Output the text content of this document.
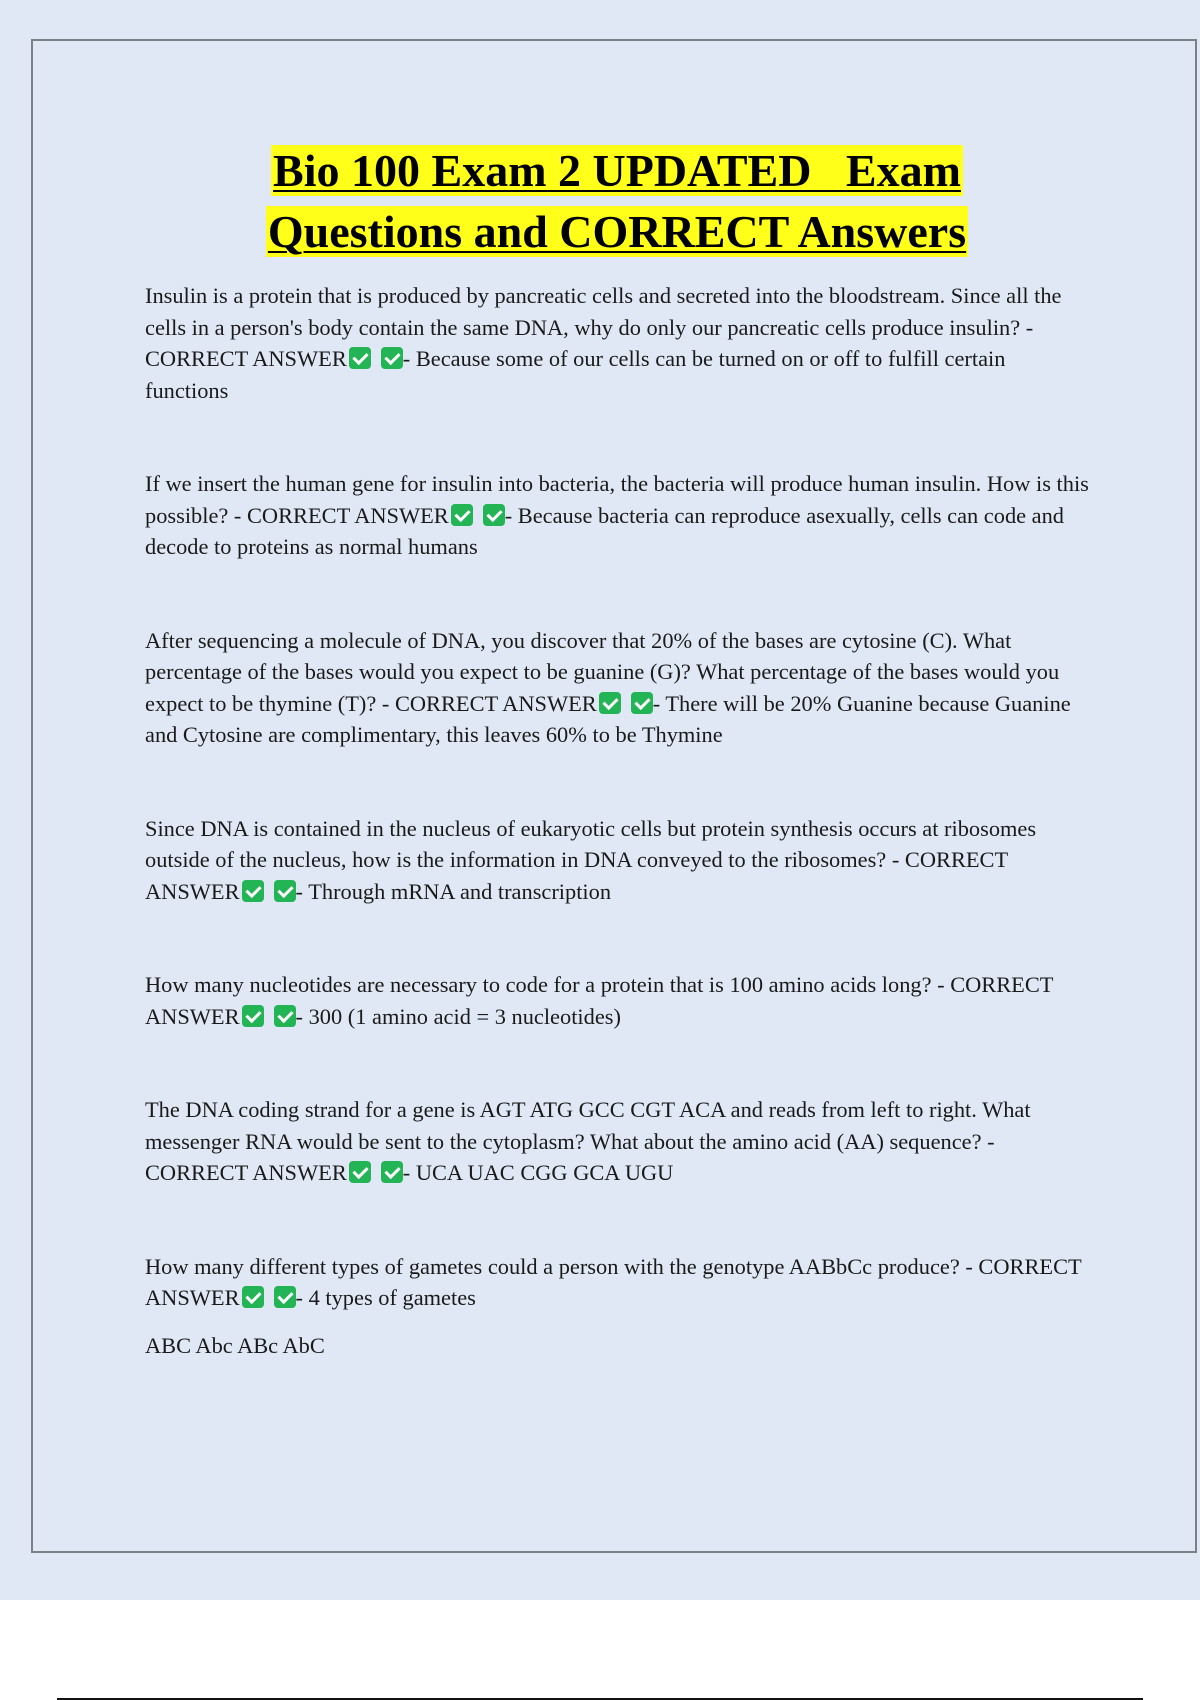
Bio 100 Exam 2 UPDATED   Exam
Questions and CORRECT Answers

Insulin is a protein that is produced by pancreatic cells and secreted into the bloodstream. Since all the cells in a person's body contain the same DNA, why do only our pancreatic cells produce insulin? - CORRECT ANSWER	- Because some of our cells can be turned on or off to fulfill certain functions

If we insert the human gene for insulin into bacteria, the bacteria will produce human insulin. How is this possible? - CORRECT ANSWER	- Because bacteria can reproduce asexually, cells can code and decode to proteins as normal humans

After sequencing a molecule of DNA, you discover that 20% of the bases are cytosine (C). What percentage of the bases would you expect to be guanine (G)? What percentage of the bases would you expect to be thymine (T)? - CORRECT ANSWER	- There will be 20% Guanine because Guanine and Cytosine are complimentary, this leaves 60% to be Thymine

Since DNA is contained in the nucleus of eukaryotic cells but protein synthesis occurs at ribosomes outside of the nucleus, how is the information in DNA conveyed to the ribosomes? - CORRECT ANSWER	- Through mRNA and transcription

How many nucleotides are necessary to code for a protein that is 100 amino acids long? - CORRECT ANSWER	- 300 (1 amino acid = 3 nucleotides)

The DNA coding strand for a gene is AGT ATG GCC CGT ACA and reads from left to right. What messenger RNA would be sent to the cytoplasm? What about the amino acid (AA) sequence? - CORRECT ANSWER	- UCA UAC CGG GCA UGU

How many different types of gametes could a person with the genotype AABbCc produce? - CORRECT ANSWER	- 4 types of gametes

ABC Abc ABc AbC
